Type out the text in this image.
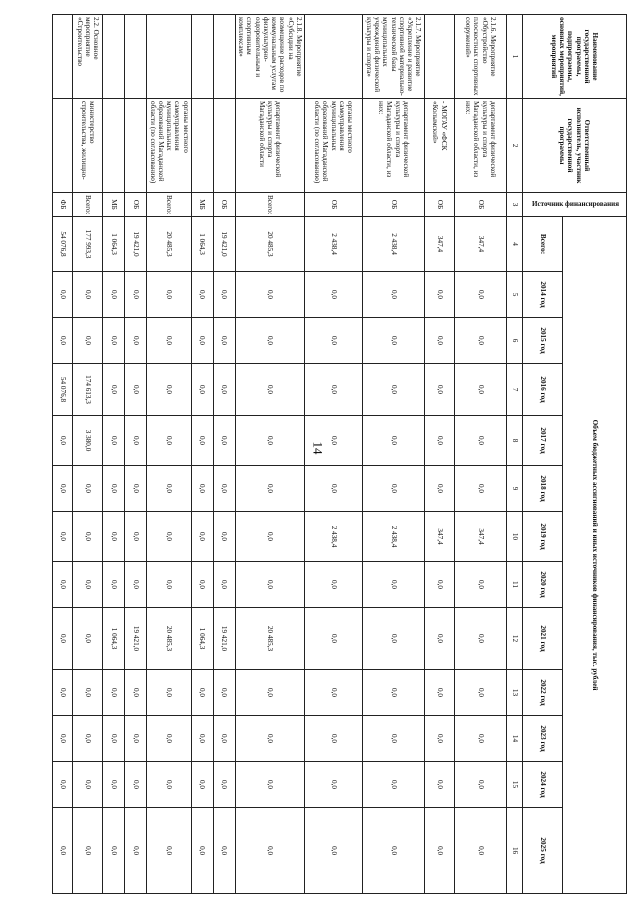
14
Наименование государственной программы, подпрограммы, основных мероприятий, мероприятий	Ответственный исполнитель, участник государственной программы	Источник финансирования	Объем бюджетных ассигнований и иных источников финансирования, тыс. рублей												
			Всего:	2014 год	2015 год	2016 год	2017 год	2018 год	2019 год	2020 год	2021 год	2022 год	2023 год	2024 год	2025 год
1	2	3	4	5	6	7	8	9	10	11	12	13	14	15	16
2.1.6. Мероприятие «Обустройство плоскостных спортивных сооружений»	департамент физической культуры и спорта Магаданской области, из них:	ОБ	347,4	0,0	0,0	0,0	0,0	0,0	347,4	0,0	0,0	0,0	0,0	0,0	0,0
	- МОГАУ «ФСК «Колымский»	ОБ	347,4	0,0	0,0	0,0	0,0	0,0	347,4	0,0	0,0	0,0	0,0	0,0	0,0
2.1.7. Мероприятие «Укрепление и развитие спортивной материально-технической базы муниципальных учреждений физической культуры и спорта»	департамент физической культуры и спорта Магаданской области, из них:	ОБ	2 438,4	0,0	0,0	0,0	0,0	0,0	2 438,4	0,0	0,0	0,0	0,0	0,0	0,0
	органы местного самоуправления муниципальных образований Магаданской области (по согласованию)	ОБ	2 438,4	0,0	0,0	0,0	0,0	0,0	2 438,4	0,0	0,0	0,0	0,0	0,0	0,0
2.1.8. Мероприятие «Субсидии на возмещение расходов по коммунальным услугам физкультурно-оздоровительным и спортивным комплексам»	департамент физической культуры и спорта Магаданской области	Всего:	20 485,3	0,0	0,0	0,0	0,0	0,0	0,0	0,0	20 485,3	0,0	0,0	0,0	0,0
		ОБ	19 421,0	0,0	0,0	0,0	0,0	0,0	0,0	0,0	19 421,0	0,0	0,0	0,0	0,0
		МБ	1 064,3	0,0	0,0	0,0	0,0	0,0	0,0	0,0	1 064,3	0,0	0,0	0,0	0,0
	органы местного самоуправления муниципальных образований Магаданской области (по согласованию)	Всего:	20 485,3	0,0	0,0	0,0	0,0	0,0	0,0	0,0	20 485,3	0,0	0,0	0,0	0,0
		ОБ	19 421,0	0,0	0,0	0,0	0,0	0,0	0,0	0,0	19 421,0	0,0	0,0	0,0	0,0
		МБ	1 064,3	0,0	0,0	0,0	0,0	0,0	0,0	0,0	1 064,3	0,0	0,0	0,0	0,0
2.2. Основное мероприятие «Строительство	министерство строительства, жилищно-	Всего:	177 993,3	0,0	0,0	174 613,3	3 380,0	0,0	0,0	0,0	0,0	0,0	0,0	0,0	0,0
		ФБ	54 076,8	0,0	0,0	54 076,8	0,0	0,0	0,0	0,0	0,0	0,0	0,0	0,0	0,0
